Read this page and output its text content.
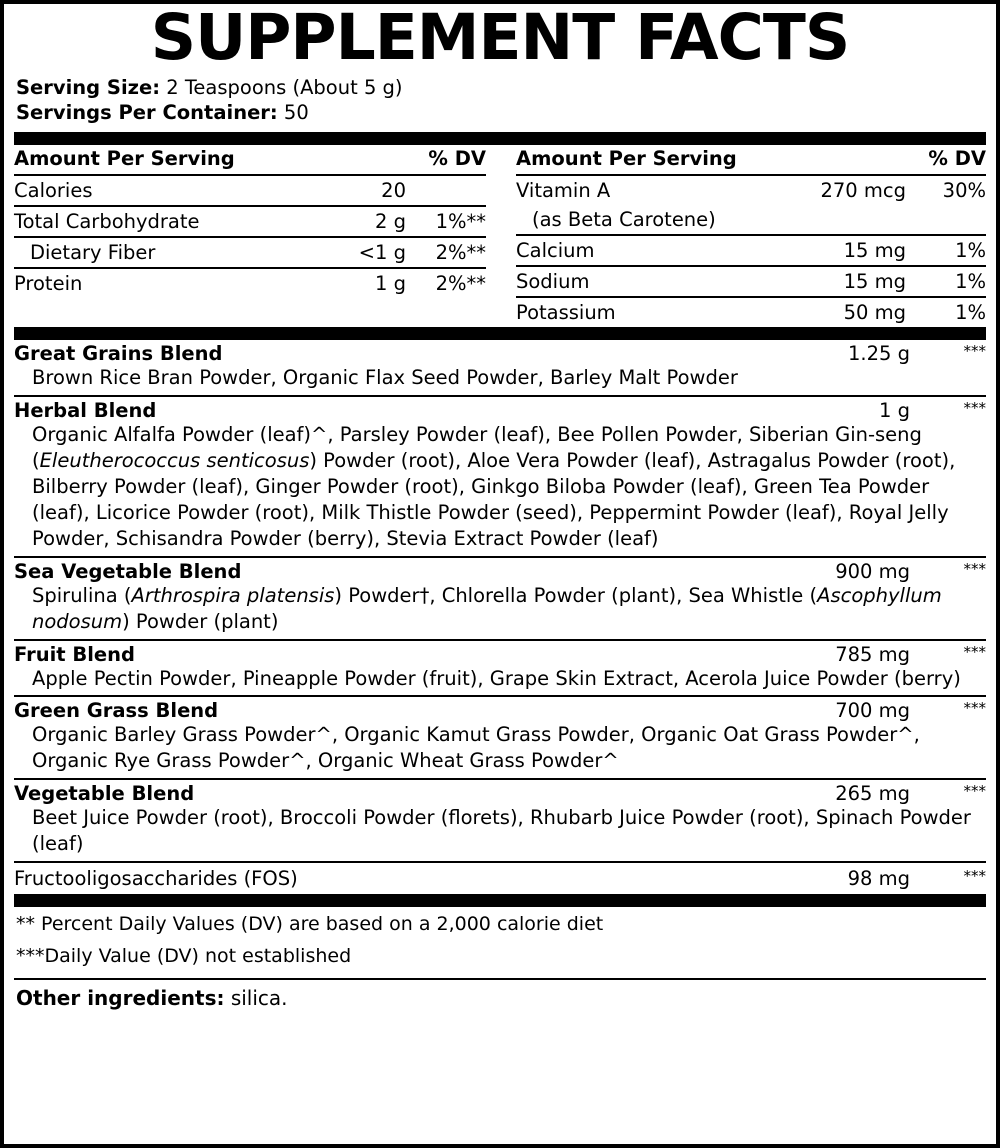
SUPPLEMENT FACTS
Serving Size: 2 Teaspoons (About 5 g)
Servings Per Container: 50
Amount Per Serving		% DV
Calories	20	
Total Carbohydrate	2 g	1%**
Dietary Fiber	<1 g	2%**
Protein	1 g	2%**
Amount Per Serving		% DV
Vitamin A	270 mcg	30%
(as Beta Carotene)		
Calcium	15 mg	1%
Sodium	15 mg	1%
Potassium	50 mg	1%
Great Grains Blend	1.25 g	***
Brown Rice Bran Powder, Organic Flax Seed Powder, Barley Malt Powder
Herbal Blend	1 g	***
Organic Alfalfa Powder (leaf)^, Parsley Powder (leaf), Bee Pollen Powder, Siberian Gin-seng (Eleutherococcus senticosus) Powder (root), Aloe Vera Powder (leaf), Astragalus Powder (root), Bilberry Powder (leaf), Ginger Powder (root), Ginkgo Biloba Powder (leaf), Green Tea Powder (leaf), Licorice Powder (root), Milk Thistle Powder (seed), Peppermint Powder (leaf), Royal Jelly Powder, Schisandra Powder (berry), Stevia Extract Powder (leaf)
Sea Vegetable Blend	900 mg	***
Spirulina (Arthrospira platensis) Powder†, Chlorella Powder (plant), Sea Whistle (Ascophyllum nodosum) Powder (plant)
Fruit Blend	785 mg	***
Apple Pectin Powder, Pineapple Powder (fruit), Grape Skin Extract, Acerola Juice Powder (berry)
Green Grass Blend	700 mg	***
Organic Barley Grass Powder^, Organic Kamut Grass Powder, Organic Oat Grass Powder^, Organic Rye Grass Powder^, Organic Wheat Grass Powder^
Vegetable Blend	265 mg	***
Beet Juice Powder (root), Broccoli Powder (florets), Rhubarb Juice Powder (root), Spinach Powder (leaf)
Fructooligosaccharides (FOS)	98 mg	***
** Percent Daily Values (DV) are based on a 2,000 calorie diet
***Daily Value (DV) not established
Other ingredients: silica.
